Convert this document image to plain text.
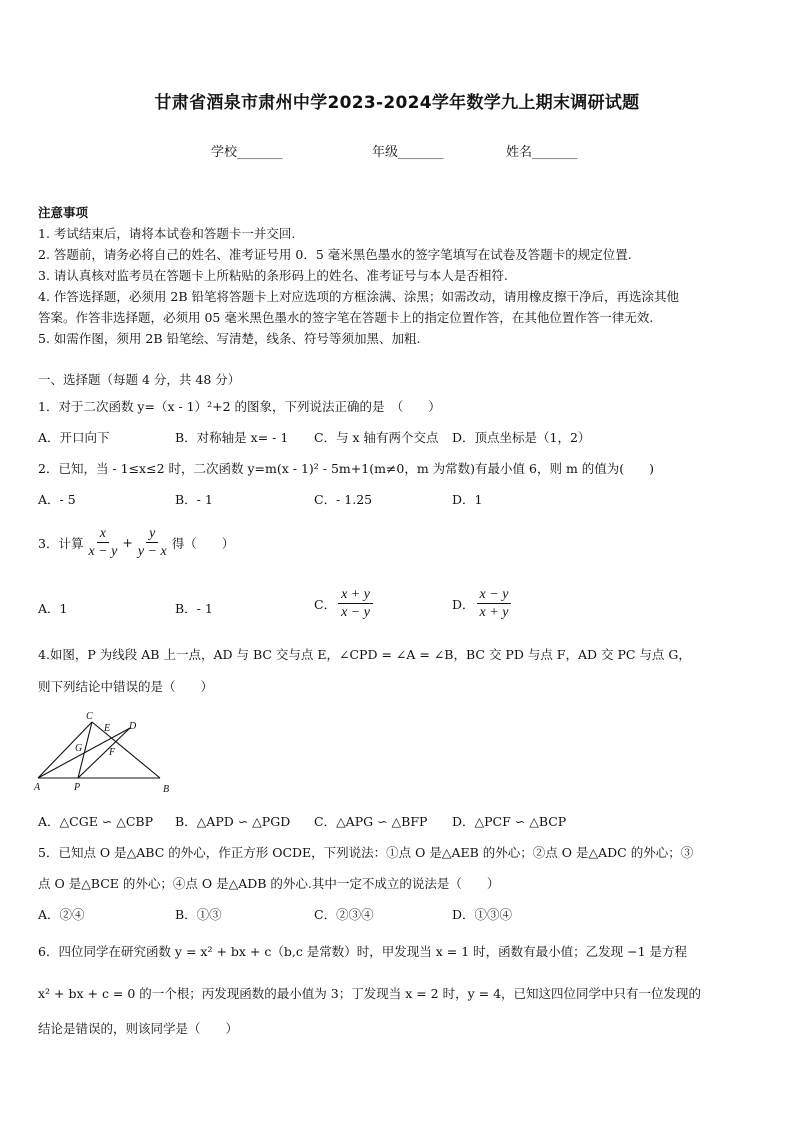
甘肃省酒泉市肃州中学2023-2024学年数学九上期末调研试题
学校_______	年级_______	姓名_______
注意事项
1. 考试结束后，请将本试卷和答题卡一并交回.
2. 答题前，请务必将自己的姓名、准考证号用 0．5 毫米黑色墨水的签字笔填写在试卷及答题卡的规定位置.
3. 请认真核对监考员在答题卡上所粘贴的条形码上的姓名、准考证号与本人是否相符.
4. 作答选择题，必须用 2B 铅笔将答题卡上对应选项的方框涂满、涂黑；如需改动，请用橡皮擦干净后，再选涂其他
答案。作答非选择题，必须用 05 毫米黑色墨水的签字笔在答题卡上的指定位置作答，在其他位置作答一律无效.
5. 如需作图，须用 2B 铅笔绘、写清楚，线条、符号等须加黑、加粗.
一、选择题（每题 4 分，共 48 分）
1．对于二次函数 y=（x - 1）²+2 的图象，下列说法正确的是　（　　）
A．开口向下	B．对称轴是 x= - 1 C．与 x 轴有两个交点 D．顶点坐标是（1，2）
2．已知，当 - 1≤x≤2 时，二次函数 y=m(x - 1)² - 5m+1(m≠0，m 为常数)有最小值 6，则 m 的值为(　　)
A．- 5	B．- 1	C．- 1.25	D．1
3．计算 $\frac{x}{x - y} + \frac{y}{y - x}$ 得（　　）
A．1	B．- 1	C． $\frac{x + y}{x - y}$	D． $\frac{x - y}{x + y}$
4.如图，P 为线段 AB 上一点，AD 与 BC 交与点 E，∠CPD = ∠A = ∠B，BC 交 PD 与点 F，AD 交 PC 与点 G，
则下列结论中错误的是（　　）
A	P	B
C
E D
F
G
A．△CGE ∽ △CBP B．△APD ∽ △PGD C．△APG ∽ △BFP D．△PCF ∽ △BCP
5．已知点 O 是△ABC 的外心，作正方形 OCDE，下列说法：①点 O 是△AEB 的外心；②点 O 是△ADC 的外心；③
点 O 是△BCE 的外心；④点 O 是△ADB 的外心.其中一定不成立的说法是（　　）
A．②④	B．①③	C．②③④	D．①③④
6．四位同学在研究函数 y = x² + bx + c（b,c 是常数）时，甲发现当 x = 1 时，函数有最小值；乙发现 −1 是方程
x² + bx + c = 0 的一个根；丙发现函数的最小值为 3；丁发现当 x = 2 时，y = 4，已知这四位同学中只有一位发现的
结论是错误的，则该同学是（　　）
